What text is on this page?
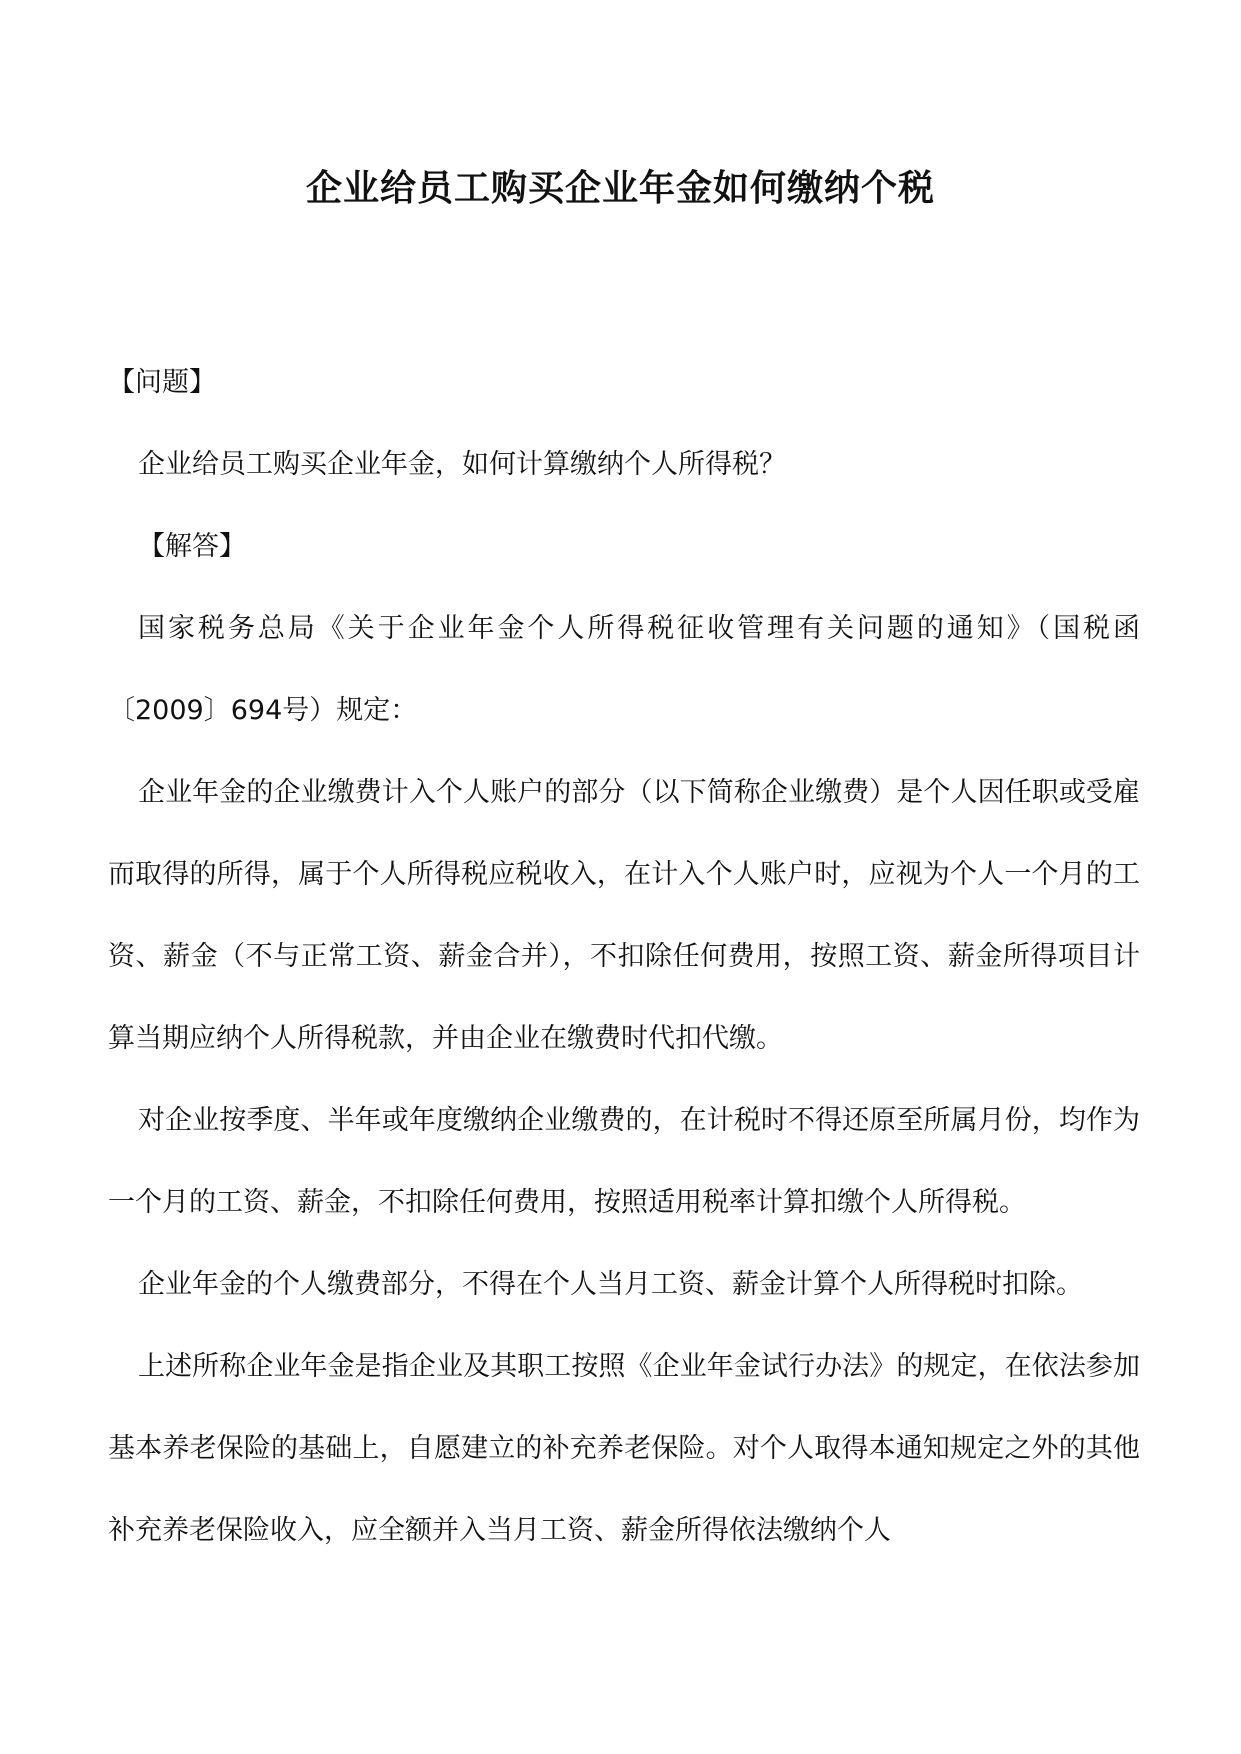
企业给员工购买企业年金如何缴纳个税

【问题】

企业给员工购买企业年金，如何计算缴纳个人所得税？

【解答】

国家税务总局《关于企业年金个人所得税征收管理有关问题的通知》（国税函〔2009〕694号）规定：

企业年金的企业缴费计入个人账户的部分（以下简称企业缴费）是个人因任职或受雇而取得的所得，属于个人所得税应税收入，在计入个人账户时，应视为个人一个月的工资、薪金（不与正常工资、薪金合并），不扣除任何费用，按照工资、薪金所得项目计算当期应纳个人所得税款，并由企业在缴费时代扣代缴。

对企业按季度、半年或年度缴纳企业缴费的，在计税时不得还原至所属月份，均作为一个月的工资、薪金，不扣除任何费用，按照适用税率计算扣缴个人所得税。

企业年金的个人缴费部分，不得在个人当月工资、薪金计算个人所得税时扣除。

上述所称企业年金是指企业及其职工按照《企业年金试行办法》的规定，在依法参加基本养老保险的基础上，自愿建立的补充养老保险。对个人取得本通知规定之外的其他补充养老保险收入，应全额并入当月工资、薪金所得依法缴纳个人
